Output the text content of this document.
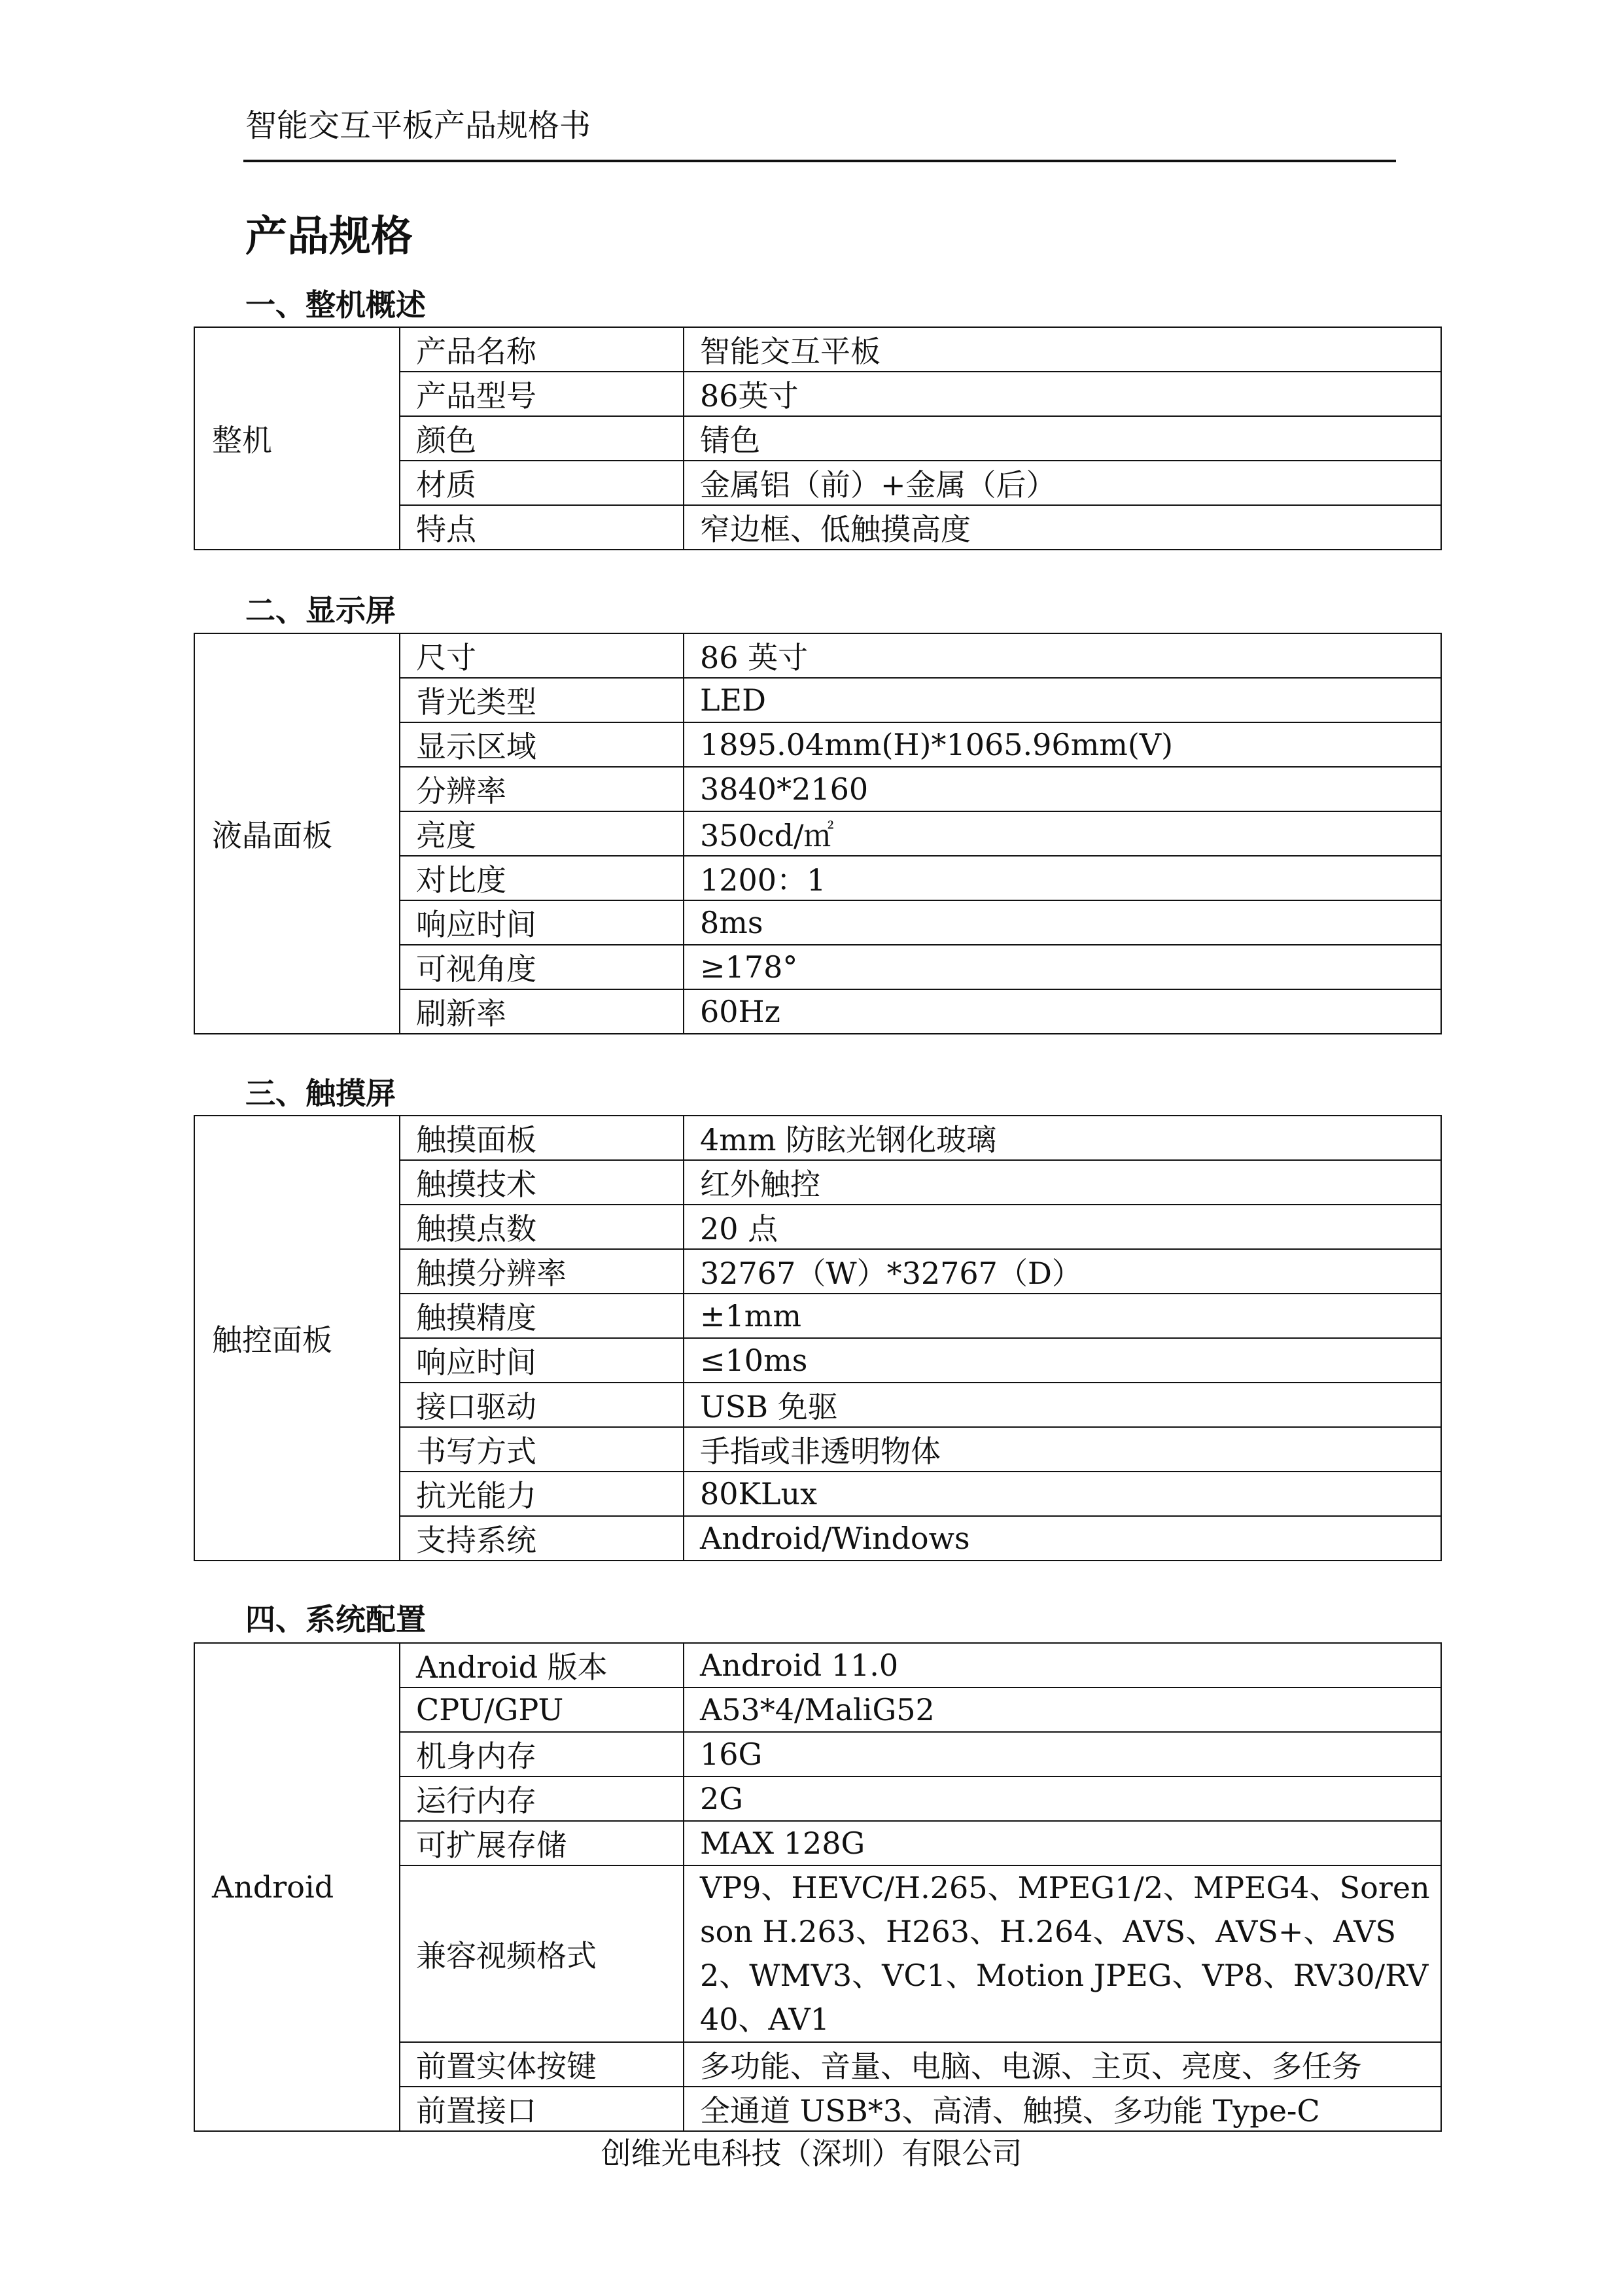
智能交互平板产品规格书
产品规格
一、整机概述
整机	产品名称	智能交互平板
	产品型号	86英寸
	颜色	锖色
	材质	金属铝（前）+金属（后）
	特点	窄边框、低触摸高度
二、显示屏
液晶面板	尺寸	86 英寸
	背光类型	LED
	显示区域	1895.04mm(H)*1065.96mm(V)
	分辨率	3840*2160
	亮度	350cd/㎡
	对比度	1200：1
	响应时间	8ms
	可视角度	≥178°
	刷新率	60Hz
三、触摸屏
触控面板	触摸面板	4mm 防眩光钢化玻璃
	触摸技术	红外触控
	触摸点数	20 点
	触摸分辨率	32767（W）*32767（D）
	触摸精度	±1mm
	响应时间	≤10ms
	接口驱动	USB 免驱
	书写方式	手指或非透明物体
	抗光能力	80KLux
	支持系统	Android/Windows
四、系统配置
Android	Android 版本	Android 11.0
	CPU/GPU	A53*4/MaliG52
	机身内存	16G
	运行内存	2G
	可扩展存储	MAX 128G
	兼容视频格式	VP9、HEVC/H.265、MPEG1/2、MPEG4、Sorenson H.263、H263、H.264、AVS、AVS+、AVS2、WMV3、VC1、Motion JPEG、VP8、RV30/RV40、AV1
	前置实体按键	多功能、音量、电脑、电源、主页、亮度、多任务
	前置接口	全通道 USB*3、高清、触摸、多功能 Type-C
创维光电科技（深圳）有限公司
